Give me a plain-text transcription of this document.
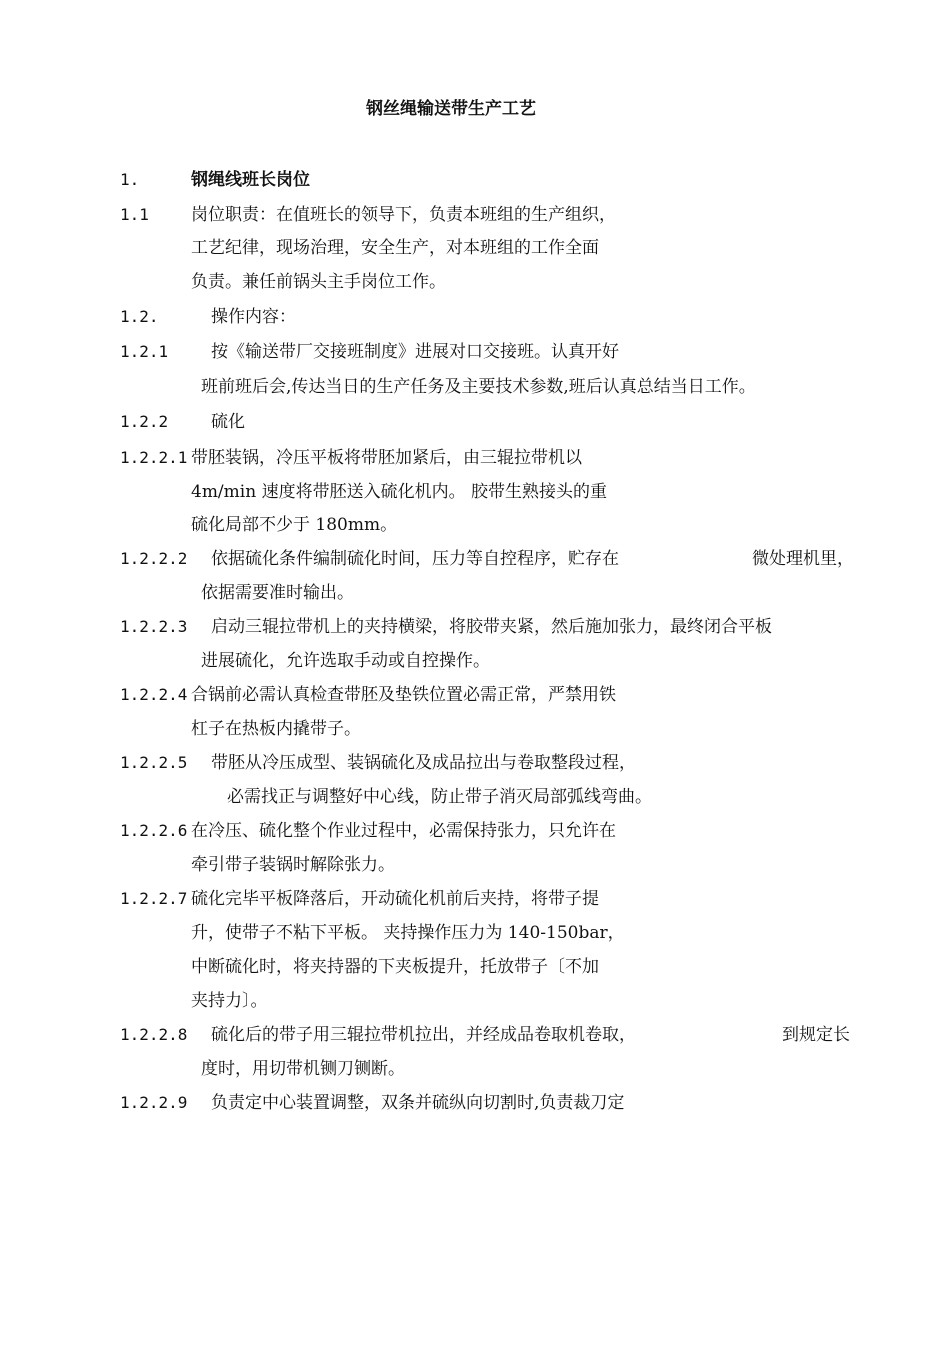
钢丝绳输送带生产工艺
1.	钢绳线班长岗位
1.1 岗位职责：在值班长的领导下，负责本班组的生产组织，
工艺纪律，现场治理，安全生产，对本班组的工作全面
负责。兼任前锅头主手岗位工作。
1.2.	操作内容：
1.2.1	按《输送带厂交接班制度》进展对口交接班。认真开好
班前班后会,传达当日的生产任务及主要技术参数,班后认真总结当日工作。
1.2.2	硫化
1.2.2.1 带胚装锅，冷压平板将带胚加紧后，由三辊拉带机以
4m/min 速度将带胚送入硫化机内。 胶带生熟接头的重
硫化局部不少于 180mm。
1.2.2.2 依据硫化条件编制硫化时间，压力等自控程序，贮存在	微处理机里，
依据需要准时输出。
1.2.2.3 启动三辊拉带机上的夹持横梁，将胶带夹紧，然后施加张力，最终闭合平板
进展硫化，允许选取手动或自控操作。
1.2.2.4 合锅前必需认真检查带胚及垫铁位置必需正常，严禁用铁
杠子在热板内撬带子。
1.2.2.5 带胚从冷压成型、装锅硫化及成品拉出与卷取整段过程，
必需找正与调整好中心线，防止带子消灭局部弧线弯曲。
1.2.2.6 在冷压、硫化整个作业过程中，必需保持张力，只允许在
牵引带子装锅时解除张力。
1.2.2.7 硫化完毕平板降落后，开动硫化机前后夹持，将带子提
升，使带子不粘下平板。 夹持操作压力为 140-150bar，
中断硫化时，将夹持器的下夹板提升，托放带子〔不加
夹持力〕。
1.2.2.8 硫化后的带子用三辊拉带机拉出，并经成品卷取机卷取，	到规定长
度时，用切带机铡刀铡断。
1.2.2.9 负责定中心装置调整，双条并硫纵向切割时,负责裁刀定
